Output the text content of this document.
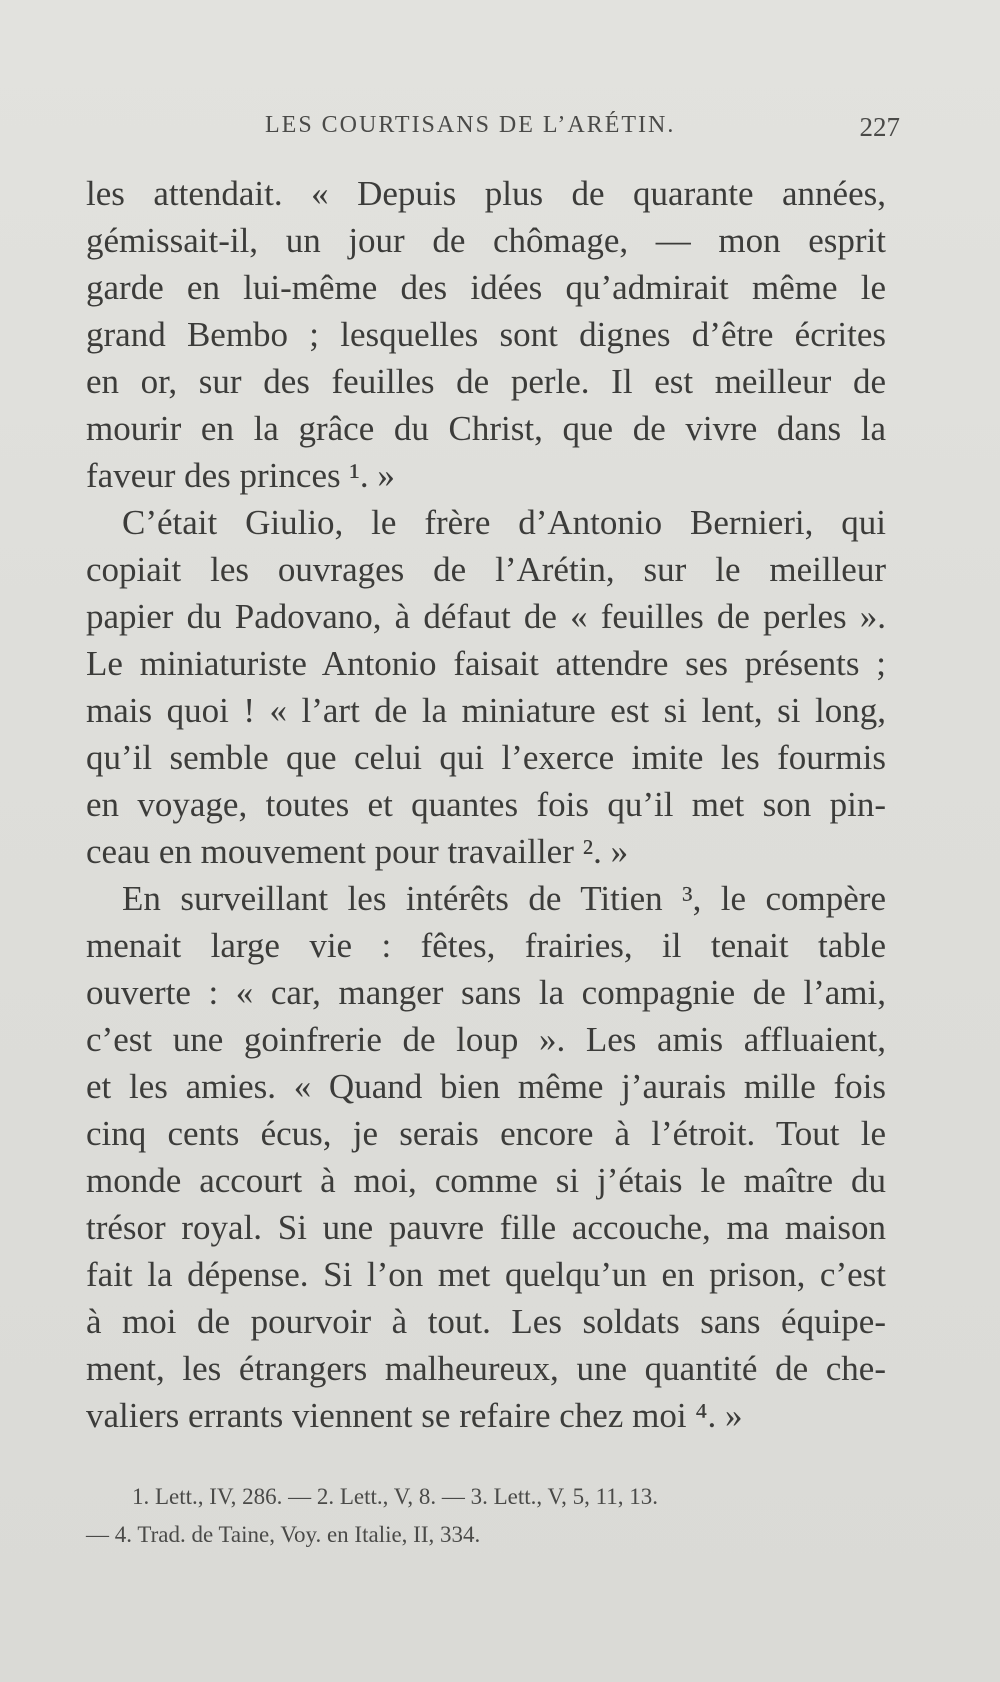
LES COURTISANS DE L’ARÉTIN.	227
les attendait. « Depuis plus de quarante années,
gémissait-il, un jour de chômage, — mon esprit
garde en lui-même des idées qu’admirait même le
grand Bembo ; lesquelles sont dignes d’être écrites
en or, sur des feuilles de perle. Il est meilleur de
mourir en la grâce du Christ, que de vivre dans la
faveur des princes ¹. »
C’était Giulio, le frère d’Antonio Bernieri, qui
copiait les ouvrages de l’Arétin, sur le meilleur
papier du Padovano, à défaut de « feuilles de perles ».
Le miniaturiste Antonio faisait attendre ses présents ;
mais quoi ! « l’art de la miniature est si lent, si long,
qu’il semble que celui qui l’exerce imite les fourmis
en voyage, toutes et quantes fois qu’il met son pin-
ceau en mouvement pour travailler ². »
En surveillant les intérêts de Titien ³, le compère
menait large vie : fêtes, frairies, il tenait table
ouverte : « car, manger sans la compagnie de l’ami,
c’est une goinfrerie de loup ». Les amis affluaient,
et les amies. « Quand bien même j’aurais mille fois
cinq cents écus, je serais encore à l’étroit. Tout le
monde accourt à moi, comme si j’étais le maître du
trésor royal. Si une pauvre fille accouche, ma maison
fait la dépense. Si l’on met quelqu’un en prison, c’est
à moi de pourvoir à tout. Les soldats sans équipe-
ment, les étrangers malheureux, une quantité de che-
valiers errants viennent se refaire chez moi ⁴. »
1. Lett., IV, 286. — 2. Lett., V, 8. — 3. Lett., V, 5, 11, 13.
— 4. Trad. de Taine, Voy. en Italie, II, 334.
